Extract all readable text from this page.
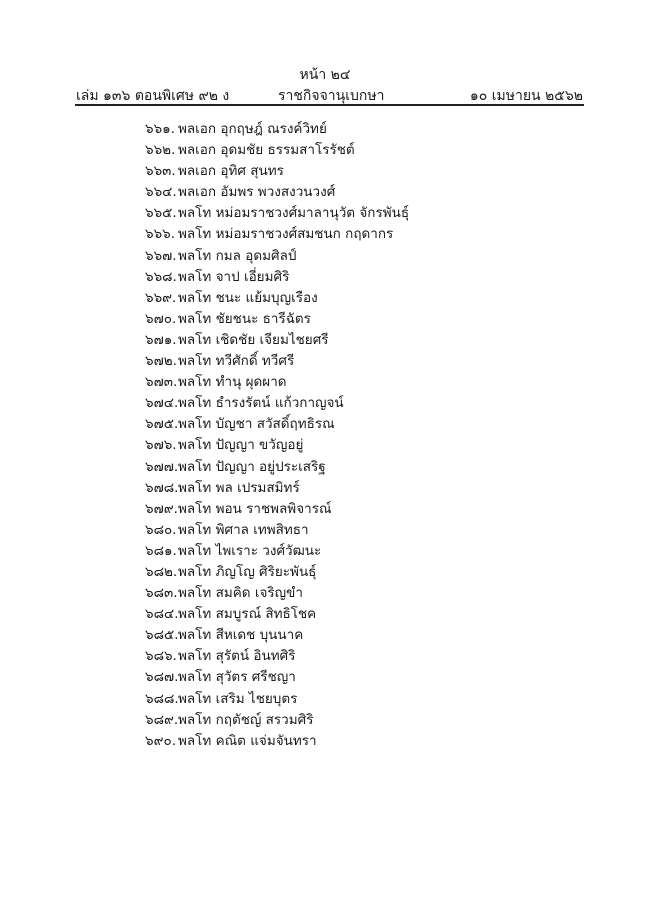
หน้า ๒๔
เล่ม ๑๓๖ ตอนพิเศษ ๙๒ ง	ราชกิจจานุเบกษา	๑๐ เมษายน ๒๕๖๒
๖๖๑. พลเอก อุกฤษฎ์ ณรงค์วิทย์
๖๖๒. พลเอก อุดมชัย ธรรมสาโรรัชต์
๖๖๓. พลเอก อุทิศ สุนทร
๖๖๔.พลเอก อัมพร พวงสงวนวงศ์
๖๖๕.พลโท หม่อมราชวงศ์มาลานุวัต จักรพันธุ์
๖๖๖. พลโท หม่อมราชวงศ์สมชนก กฤดากร
๖๖๗.พลโท กมล อุดมศิลป์
๖๖๘.พลโท จาป เอี่ยมศิริ
๖๖๙. พลโท ชนะ แย้มบุญเรือง
๖๗๐. พลโท ชัยชนะ ธารีฉัตร
๖๗๑.พลโท เชิดชัย เจียมไชยศรี
๖๗๒.พลโท ทวีศักดิ์ ทวีศรี
๖๗๓.พลโท ทำนุ ผุดผาด
๖๗๔.พลโท ธำรงรัตน์ แก้วกาญจน์
๖๗๕.พลโท บัญชา สวัสดิ์ฤทธิรณ
๖๗๖.พลโท ปัญญา ขวัญอยู่
๖๗๗.พลโท ปัญญา อยู่ประเสริฐ
๖๗๘.พลโท พล เปรมสมิทร์
๖๗๙.พลโท พอน ราชพลพิจารณ์
๖๘๐.พลโท พิศาล เทพสิทธา
๖๘๑.พลโท ไพเราะ วงศ์วัฒนะ
๖๘๒.พลโท ภิญโญ ศิริยะพันธุ์
๖๘๓.พลโท สมคิด เจริญขำ
๖๘๔.พลโท สมบูรณ์ สิทธิโชค
๖๘๕.พลโท สีหเดช บุนนาค
๖๘๖.พลโท สุรัตน์ อินทศิริ
๖๘๗.พลโท สุวัตร ศรีชญา
๖๘๘.พลโท เสริม ไชยบุตร
๖๘๙.พลโท กฤตัชญ์ สรวมศิริ
๖๙๐. พลโท คณิต แจ่มจันทรา
